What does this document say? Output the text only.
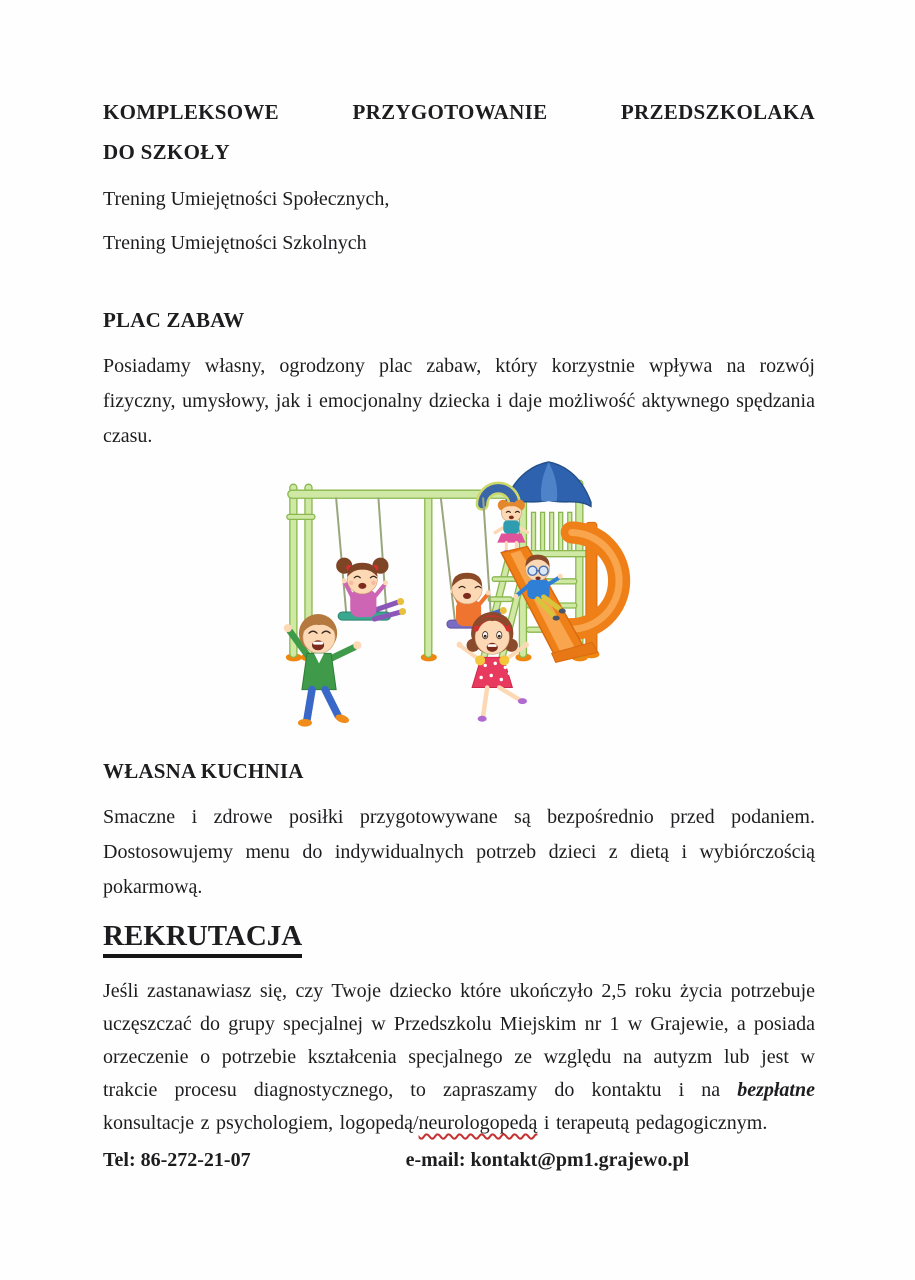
KOMPLEKSOWE PRZYGOTOWANIE PRZEDSZKOLAKA
DO SZKOŁY

Trening Umiejętności Społecznych,

Trening Umiejętności Szkolnych

PLAC ZABAW

Posiadamy własny, ogrodzony plac zabaw, który korzystnie wpływa na rozwój fizyczny, umysłowy, jak i emocjonalny dziecka i daje możliwość aktywnego spędzania czasu.

WŁASNA KUCHNIA

Smaczne i zdrowe posiłki przygotowywane są bezpośrednio przed podaniem. Dostosowujemy menu do indywidualnych potrzeb dzieci z dietą i wybiórczością pokarmową.

REKRUTACJA

Jeśli zastanawiasz się, czy Twoje dziecko które ukończyło 2,5 roku życia potrzebuje uczęszczać do grupy specjalnej w Przedszkolu Miejskim nr 1 w Grajewie, a posiada orzeczenie o potrzebie kształcenia specjalnego ze względu na autyzm lub jest w trakcie procesu diagnostycznego, to zapraszamy do kontaktu i na bezpłatne konsultacje z psychologiem, logopedą/neurologopedą i terapeutą pedagogicznym.

Tel: 86-272-21-07	e-mail: kontakt@pm1.grajewo.pl
